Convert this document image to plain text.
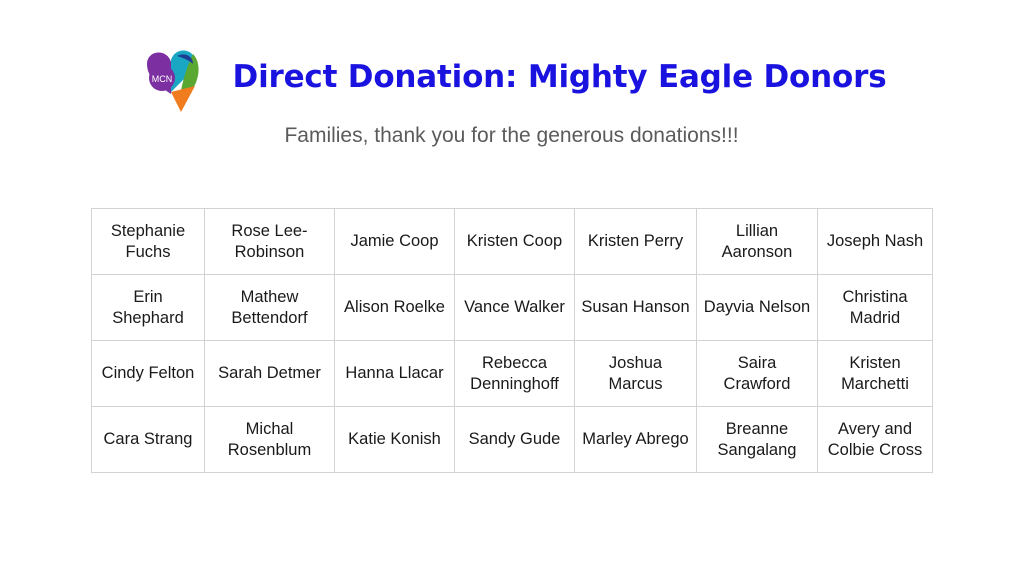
MCN Direct Donation: Mighty Eagle Donors
Families, thank you for the generous donations!!!
Stephanie Fuchs	Rose Lee-Robinson	Jamie Coop	Kristen Coop	Kristen Perry	Lillian Aaronson	Joseph Nash
Erin Shephard	Mathew Bettendorf	Alison Roelke	Vance Walker	Susan Hanson	Dayvia Nelson	Christina Madrid
Cindy Felton	Sarah Detmer	Hanna Llacar	Rebecca Denninghoff	Joshua Marcus	Saira Crawford	Kristen Marchetti
Cara Strang	Michal Rosenblum	Katie Konish	Sandy Gude	Marley Abrego	Breanne Sangalang	Avery and Colbie Cross
